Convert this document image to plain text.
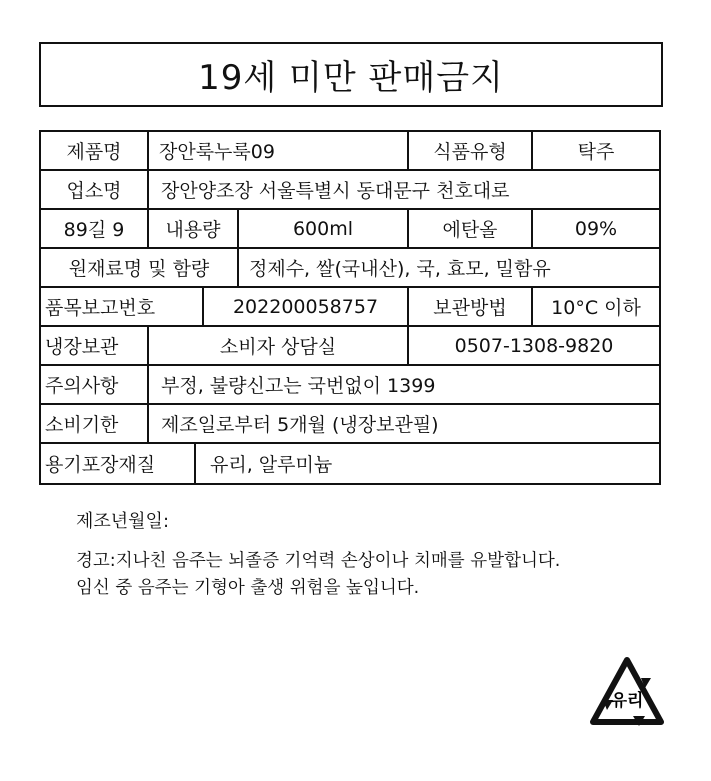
19세 미만 판매금지
제품명	장안룩누룩09	식품유형	탁주
업소명	장안양조장 서울특별시 동대문구 천호대로
89길 9	내용량	600ml	에탄올	09%
원재료명 및 함량	정제수, 쌀(국내산), 국, 효모, 밀함유
품목보고번호	202200058757	보관방법	10°C 이하
냉장보관	소비자 상담실	0507-1308-9820
주의사항	부정, 불량신고는 국번없이 1399
소비기한	제조일로부터 5개월 (냉장보관필)
용기포장재질	유리, 알루미늄
제조년월일:
경고:지나친 음주는 뇌졸증 기억력 손상이나 치매를 유발합니다.
임신 중 음주는 기형아 출생 위험을 높입니다.
유리
